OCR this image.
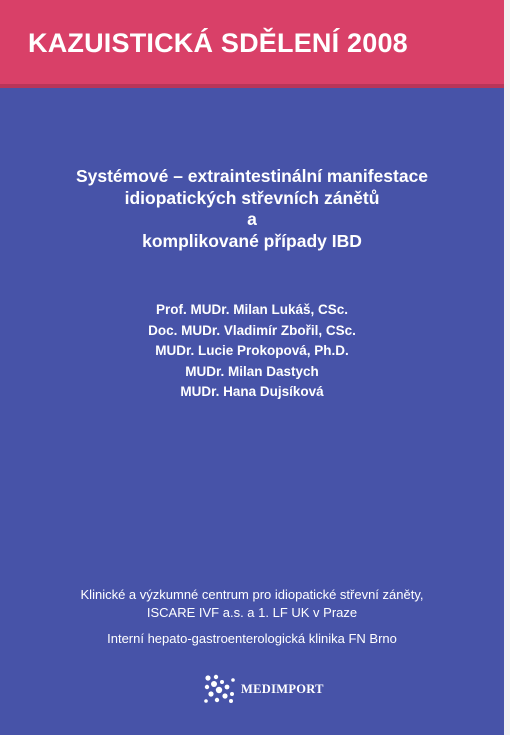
KAZUISTICKÁ SDĚLENÍ 2008
Systémové – extraintestinální manifestace
idiopatických střevních zánětů
a
komplikované případy IBD
Prof. MUDr. Milan Lukáš, CSc.
Doc. MUDr. Vladimír Zbořil, CSc.
MUDr. Lucie Prokopová, Ph.D.
MUDr. Milan Dastych
MUDr. Hana Dujsíková
Klinické a výzkumné centrum pro idiopatické střevní záněty,
ISCARE IVF a.s. a 1. LF UK v Praze
Interní hepato-gastroenterologická klinika FN Brno
MEDIMPORT
